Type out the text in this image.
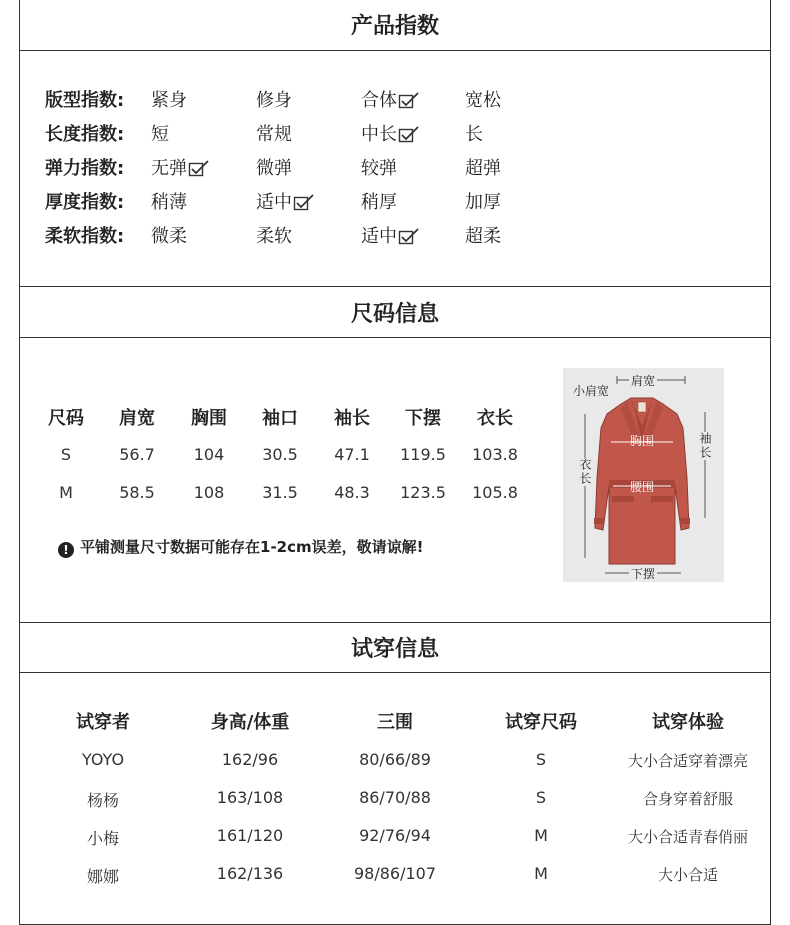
产品指数
版型指数: 紧身	修身	合体	宽松
长度指数: 短	常规	中长	长
弹力指数: 无弹	微弹	较弹	超弹
厚度指数: 稍薄	适中	稍厚	加厚
柔软指数: 微柔	柔软	适中	超柔
尺码信息
尺码	肩宽	胸围	袖口	袖长	下摆	衣长
S	56.7	104	30.5	47.1	119.5	103.8
M	58.5	108	31.5	48.3	123.5	105.8
! 平铺测量尺寸数据可能存在1-2cm误差，敬请谅解!
小肩宽
肩宽
胸围	袖长
衣长
腰围
下摆
试穿信息
试穿者	身高/体重	三围	试穿尺码	试穿体验
YOYO	162/96	80/66/89	S	大小合适穿着漂亮
杨杨	163/108	86/70/88	S	合身穿着舒服
小梅	161/120	92/76/94	M	大小合适青春俏丽
娜娜	162/136	98/86/107	M	大小合适
